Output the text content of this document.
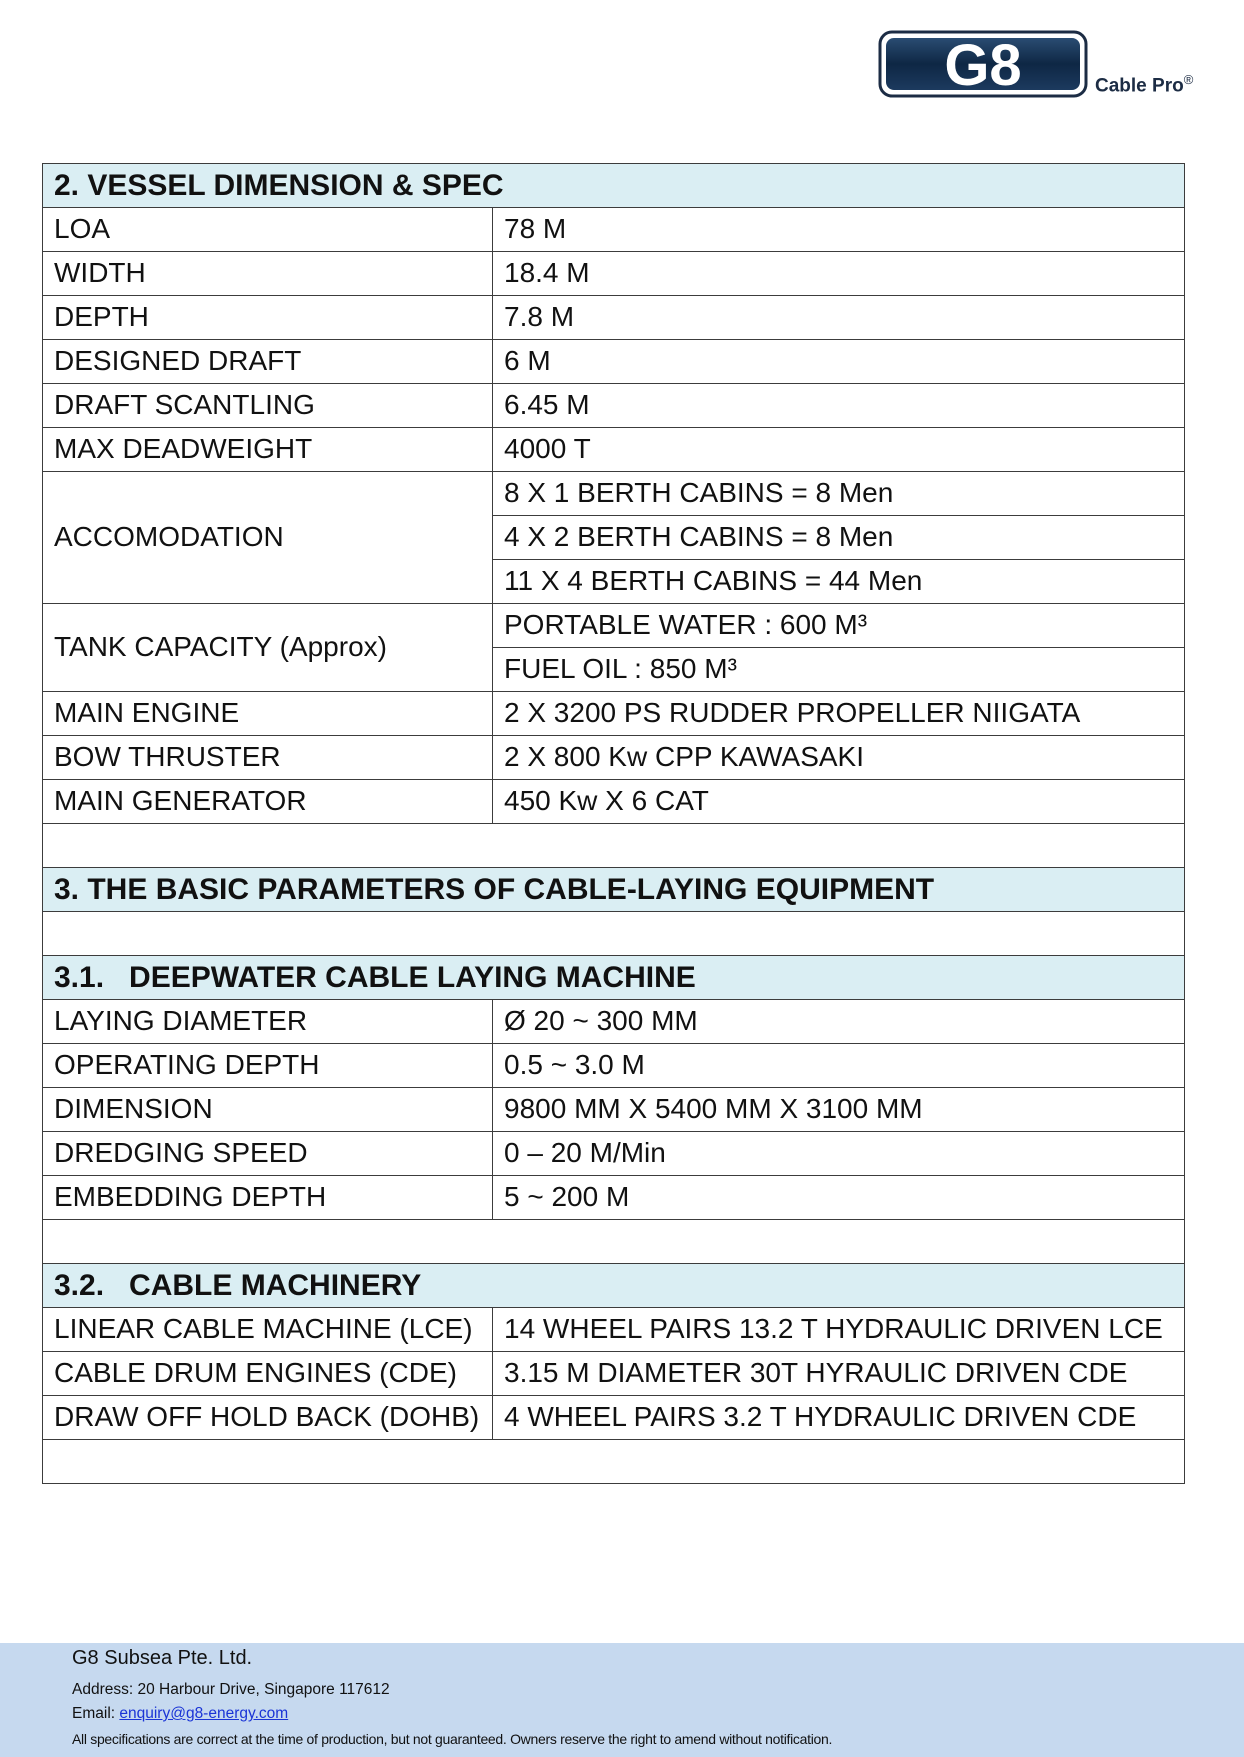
G8	Cable Pro®
2. VESSEL DIMENSION & SPEC	
LOA	78 M
WIDTH	18.4 M
DEPTH	7.8 M
DESIGNED DRAFT	6 M
DRAFT SCANTLING	6.45 M
MAX DEADWEIGHT	4000 T
ACCOMODATION	8 X 1 BERTH CABINS = 8 Men
	4 X 2 BERTH CABINS = 8 Men
	11 X 4 BERTH CABINS = 44 Men
TANK CAPACITY (Approx)	PORTABLE WATER : 600 M³
	FUEL OIL : 850 M³
MAIN ENGINE	2 X 3200 PS RUDDER PROPELLER NIIGATA
BOW THRUSTER	2 X 800 Kw CPP KAWASAKI
MAIN GENERATOR	450 Kw X 6 CAT

3. THE BASIC PARAMETERS OF CABLE-LAYING EQUIPMENT	

3.1.   DEEPWATER CABLE LAYING MACHINE	
LAYING DIAMETER	Ø 20 ~ 300 MM
OPERATING DEPTH	0.5 ~ 3.0 M
DIMENSION	9800 MM X 5400 MM X 3100 MM
DREDGING SPEED	0 – 20 M/Min
EMBEDDING DEPTH	5 ~ 200 M

3.2.   CABLE MACHINERY	
LINEAR CABLE MACHINE (LCE)	14 WHEEL PAIRS 13.2 T HYDRAULIC DRIVEN LCE
CABLE DRUM ENGINES (CDE)	3.15 M DIAMETER 30T HYRAULIC DRIVEN CDE
DRAW OFF HOLD BACK (DOHB)	4 WHEEL PAIRS 3.2 T HYDRAULIC DRIVEN CDE

G8 Subsea Pte. Ltd.
Address: 20 Harbour Drive, Singapore 117612
Email: enquiry@g8-energy.com
All specifications are correct at the time of production, but not guaranteed. Owners reserve the right to amend without notification.
